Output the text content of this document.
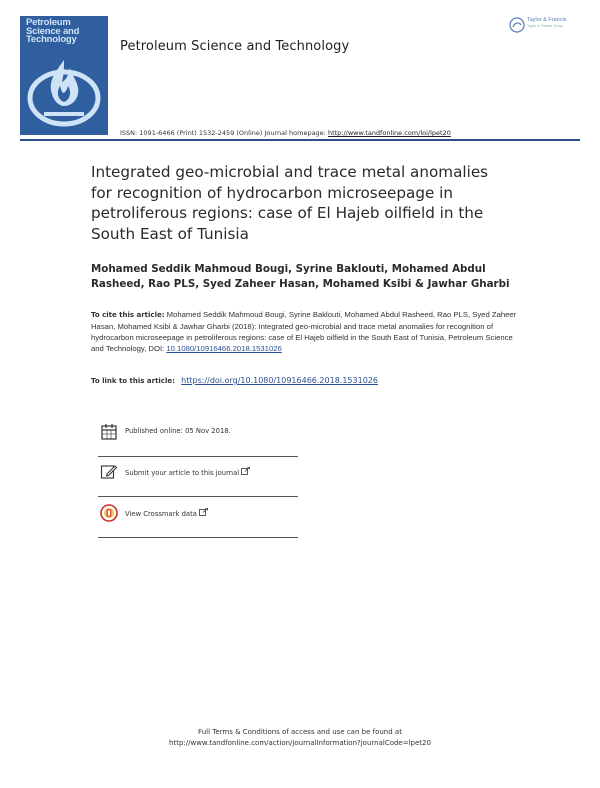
Petroleum
Science and
Technology	Petroleum Science and Technology
Taylor & Francis
Taylor & Francis Group
ISSN: 1091-6466 (Print) 1532-2459 (Online) Journal homepage: http://www.tandfonline.com/loi/lpet20
Integrated geo-microbial and trace metal anomalies for recognition of hydrocarbon microseepage in petroliferous regions: case of El Hajeb oilfield in the South East of Tunisia
Mohamed Seddik Mahmoud Bougi, Syrine Baklouti, Mohamed Abdul Rasheed, Rao PLS, Syed Zaheer Hasan, Mohamed Ksibi & Jawhar Gharbi
To cite this article: Mohamed Seddik Mahmoud Bougi, Syrine Baklouti, Mohamed Abdul Rasheed, Rao PLS, Syed Zaheer Hasan, Mohamed Ksibi & Jawhar Gharbi (2018): Integrated geo-microbial and trace metal anomalies for recognition of hydrocarbon microseepage in petroliferous regions: case of El Hajeb oilfield in the South East of Tunisia, Petroleum Science and Technology, DOI: 10.1080/10916466.2018.1531026
To link to this article: https://doi.org/10.1080/10916466.2018.1531026
Published online: 05 Nov 2018.
Submit your article to this journal
View Crossmark data
Full Terms & Conditions of access and use can be found at
http://www.tandfonline.com/action/journalInformation?journalCode=lpet20
